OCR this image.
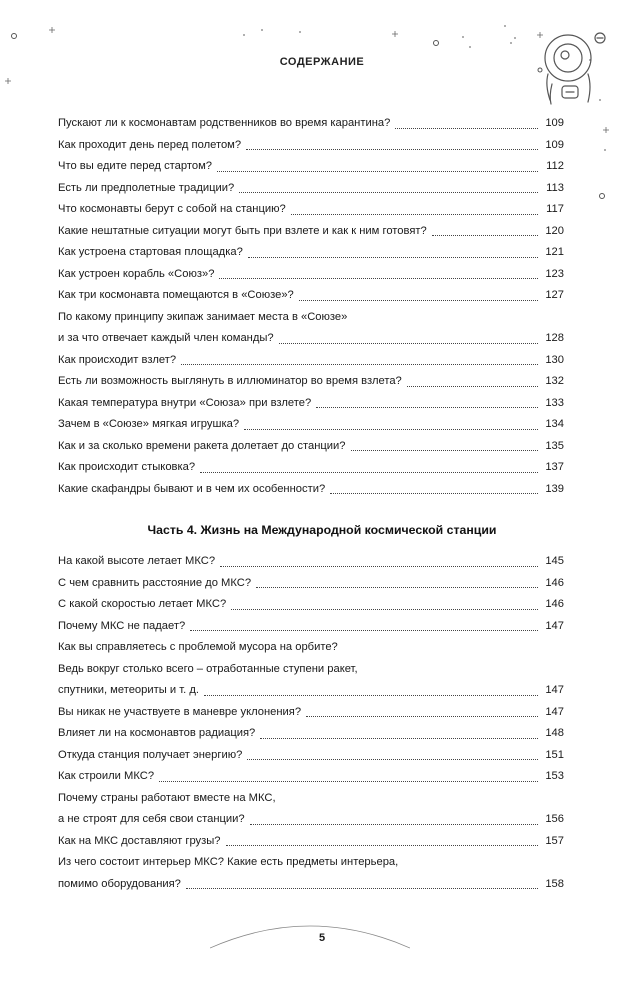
СОДЕРЖАНИЕ
Пускают ли к космонавтам родственников во время карантина?	109
Как проходит день перед полетом?	109
Что вы едите перед стартом?	112
Есть ли предполетные традиции?	113
Что космонавты берут с собой на станцию?	117
Какие нештатные ситуации могут быть при взлете и как к ним готовят?	120
Как устроена стартовая площадка?	121
Как устроен корабль «Союз»?	123
Как три космонавта помещаются в «Союзе»?	127
По какому принципу экипаж занимает места в «Союзе»
и за что отвечает каждый член команды?	128
Как происходит взлет?	130
Есть ли возможность выглянуть в иллюминатор во время взлета?	132
Какая температура внутри «Союза» при взлете?	133
Зачем в «Союзе» мягкая игрушка?	134
Как и за сколько времени ракета долетает до станции?	135
Как происходит стыковка?	137
Какие скафандры бывают и в чем их особенности?	139
Часть 4. Жизнь на Международной космической станции
На какой высоте летает МКС?	145
С чем сравнить расстояние до МКС?	146
С какой скоростью летает МКС?	146
Почему МКС не падает?	147
Как вы справляетесь с проблемой мусора на орбите?
Ведь вокруг столько всего – отработанные ступени ракет,
спутники, метеориты и т. д.	147
Вы никак не участвуете в маневре уклонения?	147
Влияет ли на космонавтов радиация?	148
Откуда станция получает энергию?	151
Как строили МКС?	153
Почему страны работают вместе на МКС,
а не строят для себя свои станции?	156
Как на МКС доставляют грузы?	157
Из чего состоит интерьер МКС? Какие есть предметы интерьера,
помимо оборудования?	158
5
